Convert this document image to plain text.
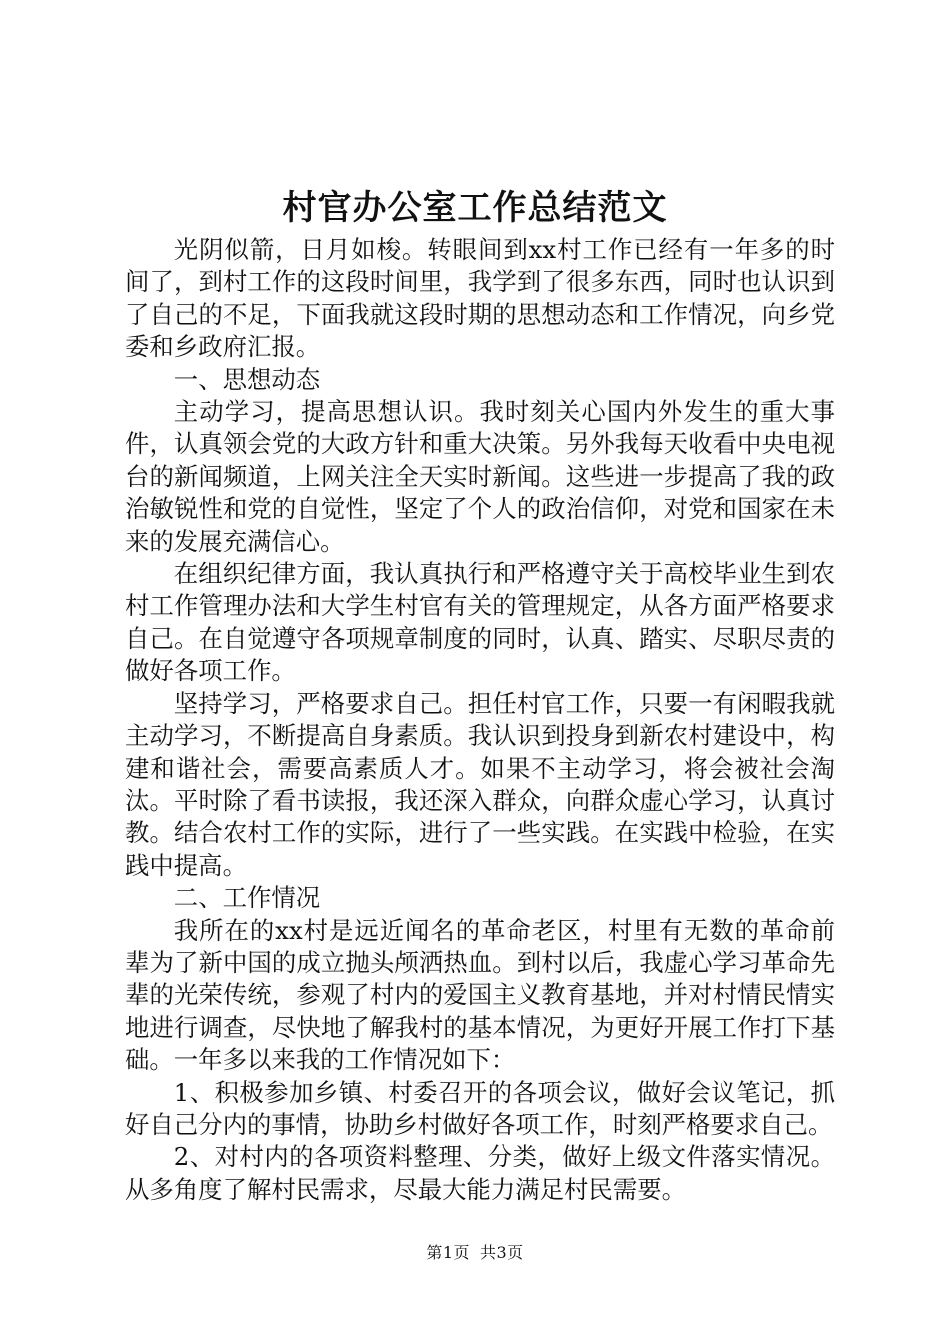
村官办公室工作总结范文

光阴似箭，日月如梭。转眼间到xx村工作已经有一年多的时间了，到村工作的这段时间里，我学到了很多东西，同时也认识到了自己的不足，下面我就这段时期的思想动态和工作情况，向乡党委和乡政府汇报。

一、思想动态

主动学习，提高思想认识。我时刻关心国内外发生的重大事件，认真领会党的大政方针和重大决策。另外我每天收看中央电视台的新闻频道，上网关注全天实时新闻。这些进一步提高了我的政治敏锐性和党的自觉性，坚定了个人的政治信仰，对党和国家在未来的发展充满信心。

在组织纪律方面，我认真执行和严格遵守关于高校毕业生到农村工作管理办法和大学生村官有关的管理规定，从各方面严格要求自己。在自觉遵守各项规章制度的同时，认真、踏实、尽职尽责的做好各项工作。

坚持学习，严格要求自己。担任村官工作，只要一有闲暇我就主动学习，不断提高自身素质。我认识到投身到新农村建设中，构建和谐社会，需要高素质人才。如果不主动学习，将会被社会淘汰。平时除了看书读报，我还深入群众，向群众虚心学习，认真讨教。结合农村工作的实际，进行了一些实践。在实践中检验，在实践中提高。

二、工作情况

我所在的xx村是远近闻名的革命老区，村里有无数的革命前辈为了新中国的成立抛头颅洒热血。到村以后，我虚心学习革命先辈的光荣传统，参观了村内的爱国主义教育基地，并对村情民情实地进行调查，尽快地了解我村的基本情况，为更好开展工作打下基础。一年多以来我的工作情况如下：

1、积极参加乡镇、村委召开的各项会议，做好会议笔记，抓好自己分内的事情，协助乡村做好各项工作，时刻严格要求自己。

2、对村内的各项资料整理、分类，做好上级文件落实情况。从多角度了解村民需求，尽最大能力满足村民需要。

第1页 共3页
